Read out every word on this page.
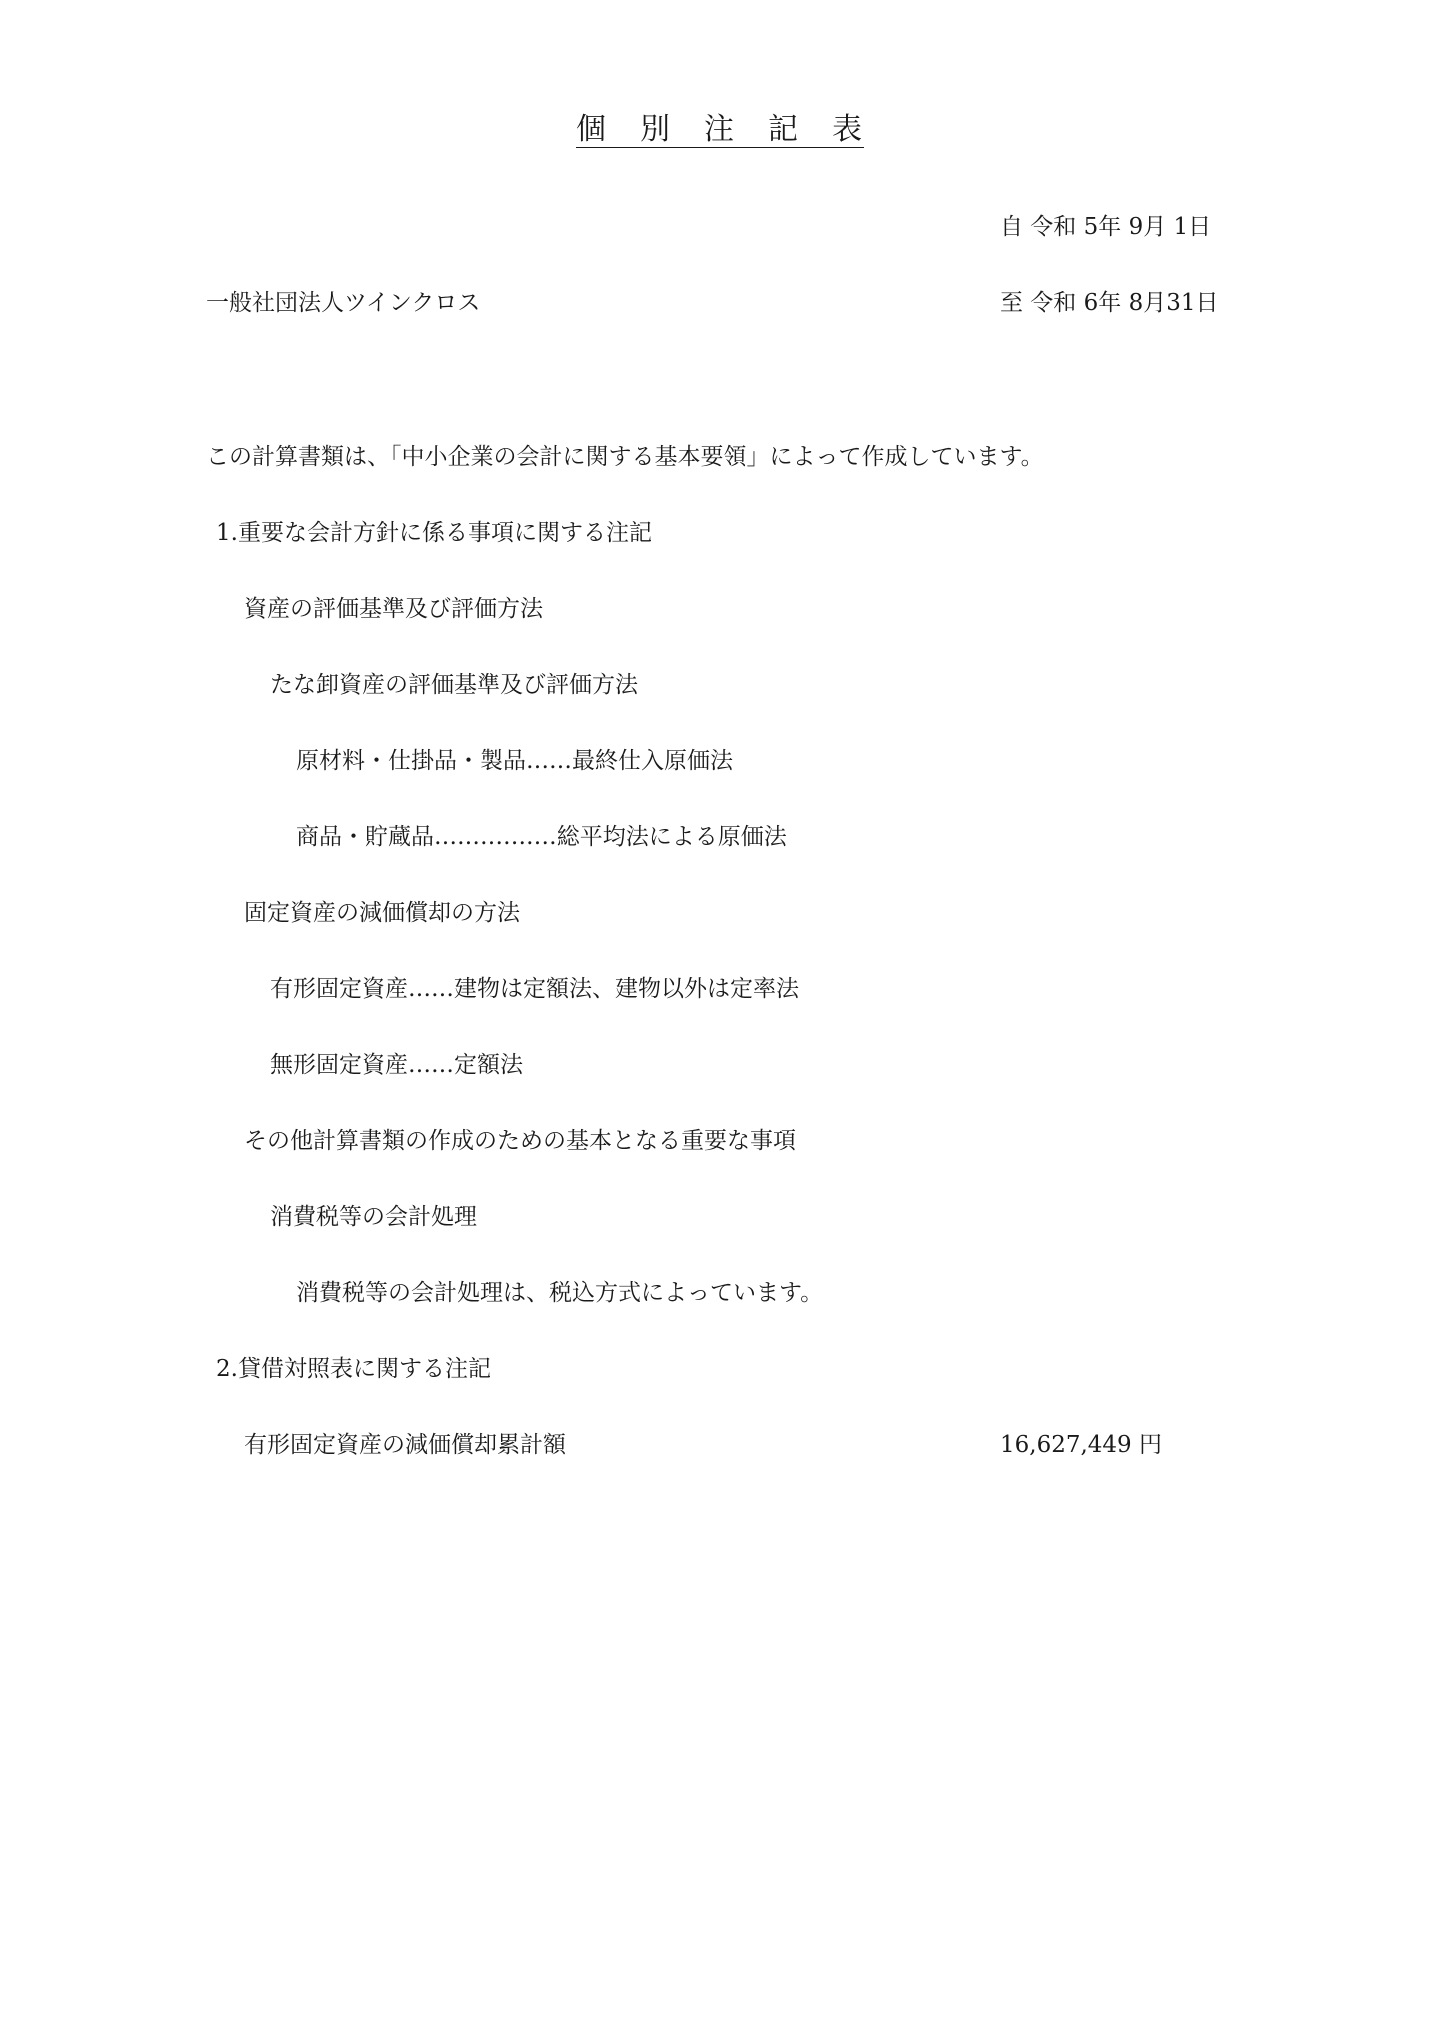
個　別　注　記　表
自 令和 5年 9月 1日
一般社団法人ツインクロス	至 令和 6年 8月31日
この計算書類は、「中小企業の会計に関する基本要領」によって作成しています。
1.重要な会計方針に係る事項に関する注記
資産の評価基準及び評価方法
たな卸資産の評価基準及び評価方法
原材料・仕掛品・製品‥‥‥最終仕入原価法
商品・貯蔵品‥‥‥‥‥‥‥‥総平均法による原価法
固定資産の減価償却の方法
有形固定資産‥‥‥建物は定額法、建物以外は定率法
無形固定資産‥‥‥定額法
その他計算書類の作成のための基本となる重要な事項
消費税等の会計処理
消費税等の会計処理は、税込方式によっています。
2.貸借対照表に関する注記
有形固定資産の減価償却累計額	16,627,449 円
